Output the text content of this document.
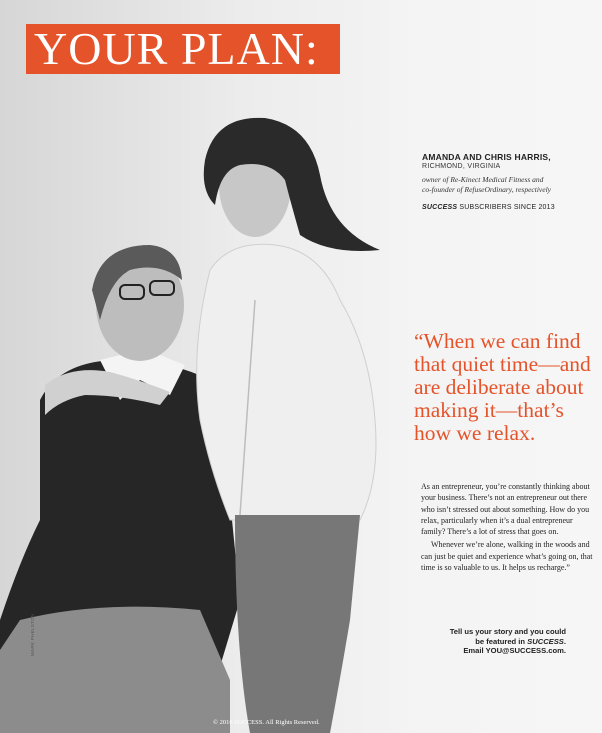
YOUR PLAN:
AMANDA AND CHRIS HARRIS,
RICHMOND, VIRGINIA
owner of Re-Kinect Medical Fitness and
co-founder of RefuseOrdinary, respectively
SUCCESS SUBSCRIBERS SINCE 2013
“When we can find that quiet time—and are deliberate about making it—that’s how we relax.

As an entrepreneur, you’re constantly thinking about your business. There’s not an entrepreneur out there who isn’t stressed out about something. How do you relax, particularly when it’s a dual entrepreneur family? There’s a lot of stress that goes on.

Whenever we’re alone, walking in the woods and can just be quiet and experience what’s going on, that time is so valuable to us. It helps us recharge.”

Tell us your story and you could
be featured in SUCCESS.
Email YOU@SUCCESS.com.
© 2016 SUCCESS. All Rights Reserved.
